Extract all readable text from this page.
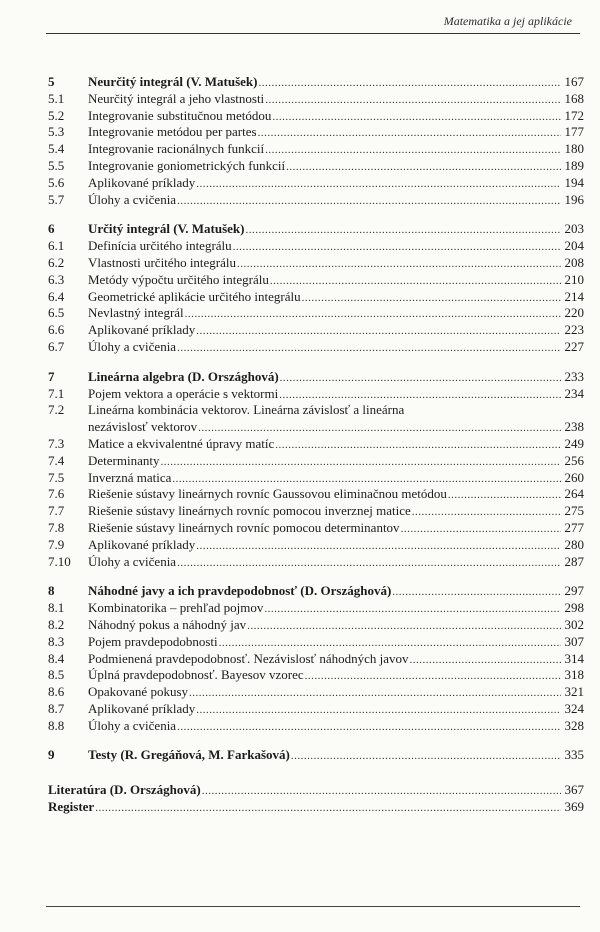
Matematika a jej aplikácie
5	Neurčitý integrál (V. Matušek) .....	167
5.1	Neurčitý integrál a jeho vlastnosti .....	168
5.2	Integrovanie substitučnou metódou .....	172
5.3	Integrovanie metódou per partes .....	177
5.4	Integrovanie racionálnych funkcií .....	180
5.5	Integrovanie goniometrických funkcií .....	189
5.6	Aplikované príklady .....	194
5.7	Úlohy a cvičenia .....	196
6	Určitý integrál (V. Matušek) .....	203
6.1	Definícia určitého integrálu .....	204
6.2	Vlastnosti určitého integrálu .....	208
6.3	Metódy výpočtu určitého integrálu .....	210
6.4	Geometrické aplikácie určitého integrálu .....	214
6.5	Nevlastný integrál .....	220
6.6	Aplikované príklady .....	223
6.7	Úlohy a cvičenia .....	227
7	Lineárna algebra (D. Országhová) .....	233
7.1	Pojem vektora a operácie s vektormi .....	234
7.2	Lineárna kombinácia vektorov. Lineárna závislosť a lineárna
nezávislosť vektorov .....	238
7.3	Matice a ekvivalentné úpravy matíc .....	249
7.4	Determinanty .....	256
7.5	Inverzná matica .....	260
7.6	Riešenie sústavy lineárnych rovníc Gaussovou eliminačnou metódou .....	264
7.7	Riešenie sústavy lineárnych rovníc pomocou inverznej matice .....	275
7.8	Riešenie sústavy lineárnych rovníc pomocou determinantov .....	277
7.9	Aplikované príklady .....	280
7.10	Úlohy a cvičenia .....	287
8	Náhodné javy a ich pravdepodobnosť (D. Országhová) .....	297
8.1	Kombinatorika – prehľad pojmov .....	298
8.2	Náhodný pokus a náhodný jav .....	302
8.3	Pojem pravdepodobnosti .....	307
8.4	Podmienená pravdepodobnosť. Nezávislosť náhodných javov .....	314
8.5	Úplná pravdepodobnosť. Bayesov vzorec .....	318
8.6	Opakované pokusy .....	321
8.7	Aplikované príklady .....	324
8.8	Úlohy a cvičenia .....	328
9	Testy (R. Gregáňová, M. Farkašová) .....	335
Literatúra (D. Országhová) .....	367
Register .....	369
